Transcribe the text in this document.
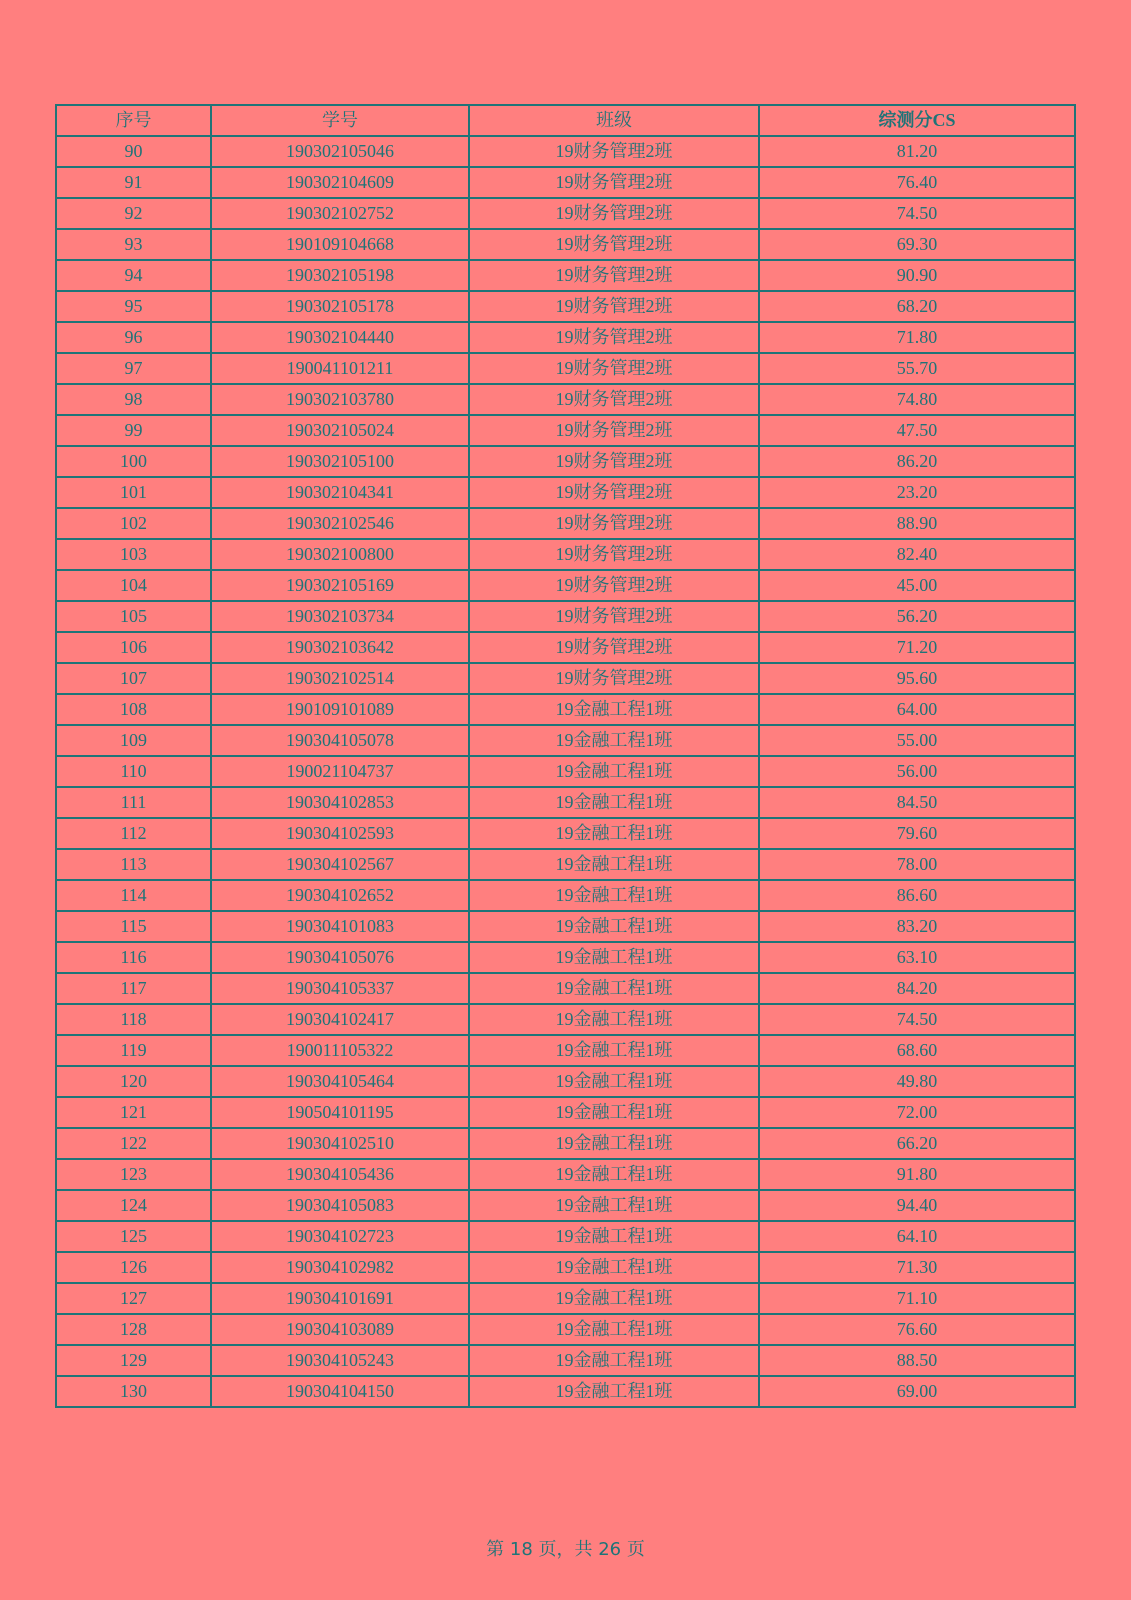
序号	学号	班级	综测分CS
90	190302105046	19财务管理2班	81.20
91	190302104609	19财务管理2班	76.40
92	190302102752	19财务管理2班	74.50
93	190109104668	19财务管理2班	69.30
94	190302105198	19财务管理2班	90.90
95	190302105178	19财务管理2班	68.20
96	190302104440	19财务管理2班	71.80
97	190041101211	19财务管理2班	55.70
98	190302103780	19财务管理2班	74.80
99	190302105024	19财务管理2班	47.50
100	190302105100	19财务管理2班	86.20
101	190302104341	19财务管理2班	23.20
102	190302102546	19财务管理2班	88.90
103	190302100800	19财务管理2班	82.40
104	190302105169	19财务管理2班	45.00
105	190302103734	19财务管理2班	56.20
106	190302103642	19财务管理2班	71.20
107	190302102514	19财务管理2班	95.60
108	190109101089	19金融工程1班	64.00
109	190304105078	19金融工程1班	55.00
110	190021104737	19金融工程1班	56.00
111	190304102853	19金融工程1班	84.50
112	190304102593	19金融工程1班	79.60
113	190304102567	19金融工程1班	78.00
114	190304102652	19金融工程1班	86.60
115	190304101083	19金融工程1班	83.20
116	190304105076	19金融工程1班	63.10
117	190304105337	19金融工程1班	84.20
118	190304102417	19金融工程1班	74.50
119	190011105322	19金融工程1班	68.60
120	190304105464	19金融工程1班	49.80
121	190504101195	19金融工程1班	72.00
122	190304102510	19金融工程1班	66.20
123	190304105436	19金融工程1班	91.80
124	190304105083	19金融工程1班	94.40
125	190304102723	19金融工程1班	64.10
126	190304102982	19金融工程1班	71.30
127	190304101691	19金融工程1班	71.10
128	190304103089	19金融工程1班	76.60
129	190304105243	19金融工程1班	88.50
130	190304104150	19金融工程1班	69.00
第 18 页，共 26 页
